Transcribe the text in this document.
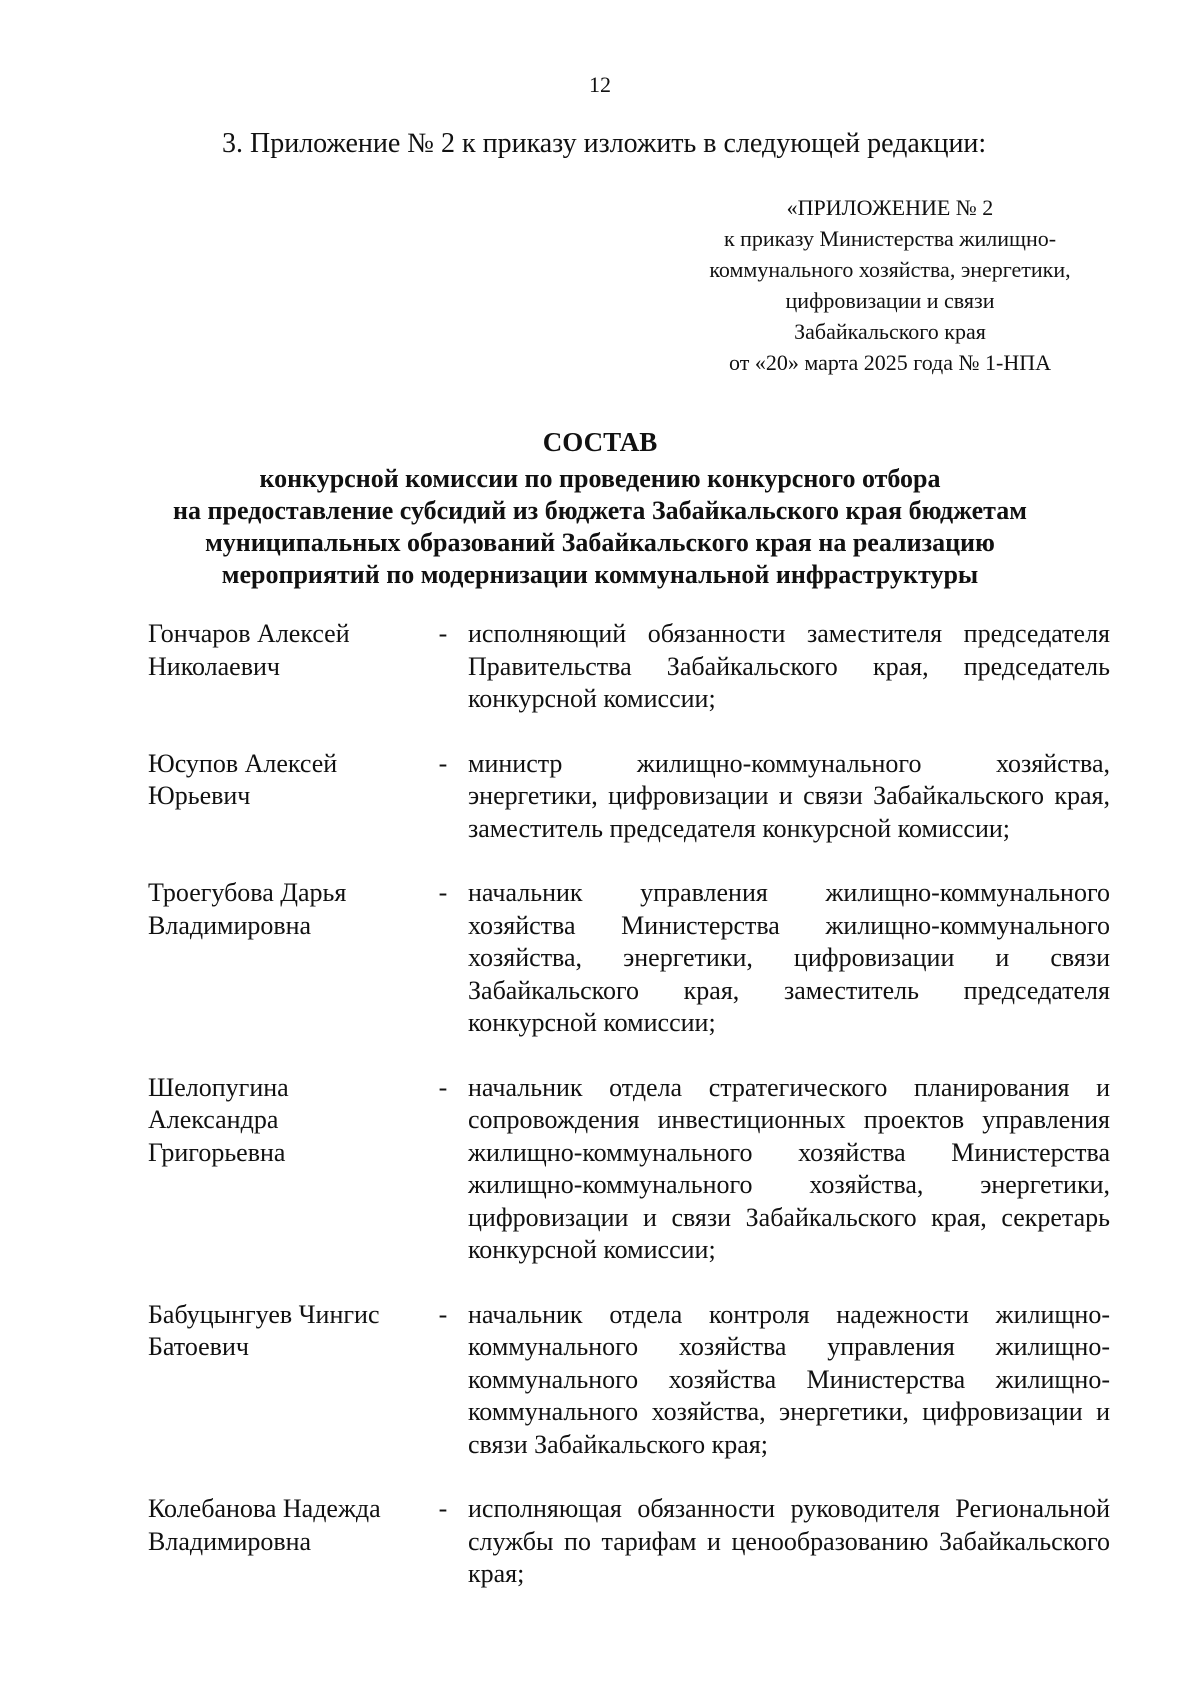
12
3. Приложение № 2 к приказу изложить в следующей редакции:
«ПРИЛОЖЕНИЕ № 2
к приказу Министерства жилищно-
коммунального хозяйства, энергетики,
цифровизации и связи
Забайкальского края
от «20» марта 2025 года № 1-НПА
СОСТАВ
конкурсной комиссии по проведению конкурсного отбора
на предоставление субсидий из бюджета Забайкальского края бюджетам
муниципальных образований Забайкальского края на реализацию
мероприятий по модернизации коммунальной инфраструктуры
Гончаров Алексей
Николаевич
- исполняющий обязанности заместителя председателя Правительства Забайкальского края, председатель конкурсной комиссии;
Юсупов Алексей
Юрьевич
- министр жилищно-коммунального хозяйства, энергетики, цифровизации и связи Забайкальского края, заместитель председателя конкурсной комиссии;
Троегубова Дарья
Владимировна
- начальник управления жилищно-коммунального хозяйства Министерства жилищно-коммунального хозяйства, энергетики, цифровизации и связи Забайкальского края, заместитель председателя конкурсной комиссии;
Шелопугина
Александра
Григорьевна
- начальник отдела стратегического планирования и сопровождения инвестиционных проектов управления жилищно-коммунального хозяйства Министерства жилищно-коммунального хозяйства, энергетики, цифровизации и связи Забайкальского края, секретарь конкурсной комиссии;
Бабуцынгуев Чингис
Батоевич
- начальник отдела контроля надежности жилищно-коммунального хозяйства управления жилищно-коммунального хозяйства Министерства жилищно-коммунального хозяйства, энергетики, цифровизации и связи Забайкальского края;
Колебанова Надежда
Владимировна
- исполняющая обязанности руководителя Региональной службы по тарифам и ценообразованию Забайкальского края;
